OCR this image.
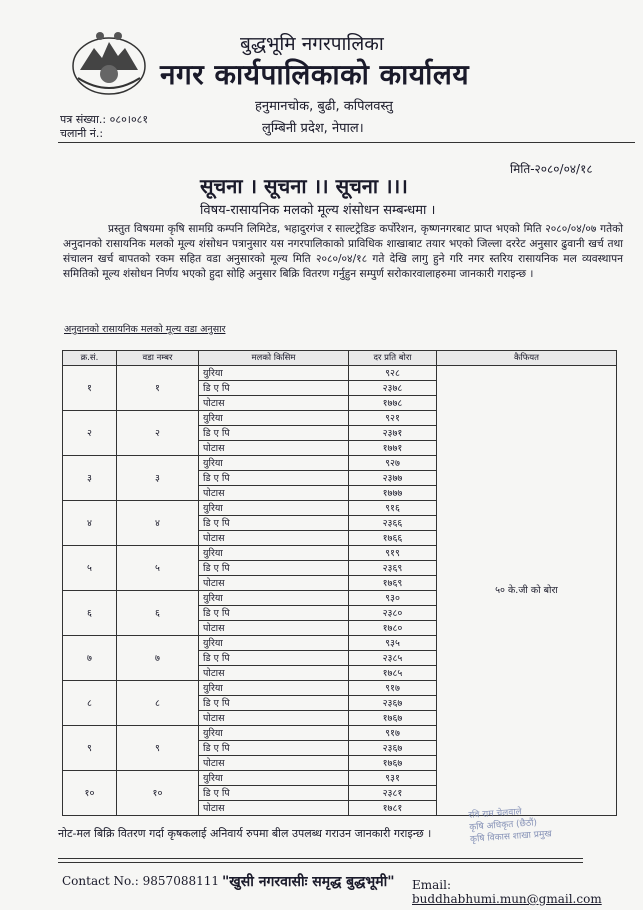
बुद्धभूमि नगरपालिका
नगर कार्यपालिकाको कार्यालय
हनुमानचोक, बुढी, कपिलवस्तु
लुम्बिनी प्रदेश, नेपाल।
पत्र संख्या.: ०८०।०८१
चलानी नं.:
मिति-२०८०/०४/१८
सूचना । सूचना ।। सूचना ।।।
विषय-रासायनिक मलको मूल्य शंसोधन सम्बन्धमा ।

प्रस्तुत विषयमा कृषि सामग्रि कम्पनि लिमिटेड, भहादुरगंज र साल्टट्रेडिङ कर्पोरेशन, कृष्णनगरबाट प्राप्त भएको मिति २०८०/०४/०७ गतेको अनुदानको रासायनिक मलको मूल्य शंसोधन पत्रानुसार यस नगरपालिकाको प्राविधिक शाखाबाट तयार भएको जिल्ला दररेट अनुसार ढुवानी खर्च तथा संचालन खर्च बापतको रकम सहित वडा अनुसारको मूल्य मिति २०८०/०४/१८ गते देखि लागु हुने गरि नगर स्तरिय रासायनिक मल व्यवस्थापन समितिको मूल्य शंसोधन निर्णय भएको हुदा सोहि अनुसार बिक्रि वितरण गर्नुहुन सम्पुर्ण सरोकारवालाहरुमा जानकारी गराइन्छ ।

अनुदानको रासायनिक मलको मूल्य वडा अनुसार
क्र.सं.	वडा नम्बर	मलको किसिम	दर प्रति बोरा	कैफियत
१	१	युरिया	९२८	५० के.जी को बोरा
		डि ए पि	२३७८	
		पोटास	१७७८	
२	२	युरिया	९२१	
		डि ए पि	२३७१	
		पोटास	१७७१	
३	३	युरिया	९२७	
		डि ए पि	२३७७	
		पोटास	१७७७	
४	४	युरिया	९१६	
		डि ए पि	२३६६	
		पोटास	१७६६	
५	५	युरिया	९१९	
		डि ए पि	२३६९	
		पोटास	१७६९	
६	६	युरिया	९३०	
		डि ए पि	२३८०	
		पोटास	१७८०	
७	७	युरिया	९३५	
		डि ए पि	२३८५	
		पोटास	१७८५	
८	८	युरिया	९१७	
		डि ए पि	२३६७	
		पोटास	१७६७	
९	९	युरिया	९१७	
		डि ए पि	२३६७	
		पोटास	१७६७	
१०	१०	युरिया	९३१	
		डि ए पि	२३८१	
		पोटास	१७८१	
नोट-मल बिक्रि वितरण गर्दा कृषकलाई अनिवार्य रुपमा बील उपलब्ध गराउन जानकारी गराइन्छ ।
रवि राम चेलवाले
कृषि अधिकृत (छैठौं)
कृषि विकास शाखा प्रमुख
Contact No.: 9857088111 "खुसी नगरवासीः समृद्ध बुद्धभूमी" Email: buddhabhumi.mun@gmail.com
